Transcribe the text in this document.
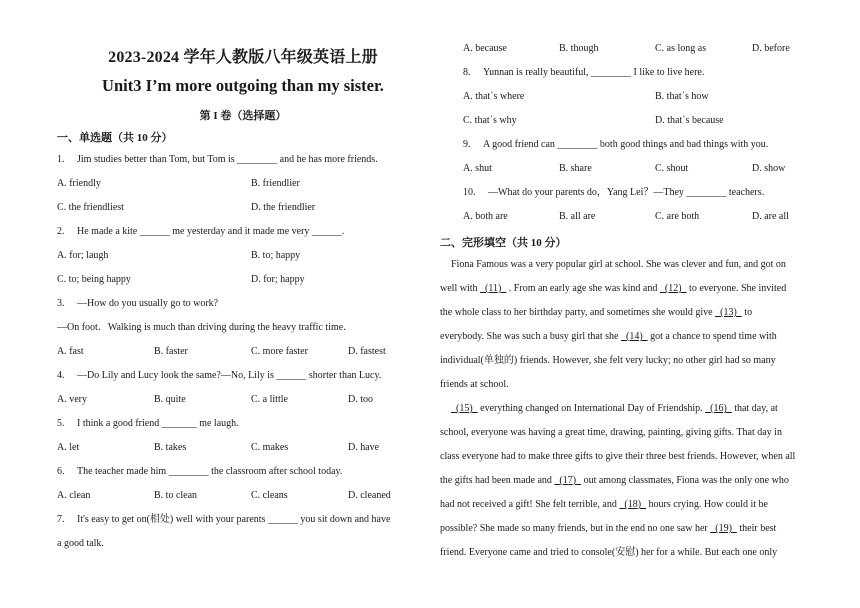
2023-2024 学年人教版八年级英语上册
Unit3 I’m more outgoing than my sister.
第 I 卷（选择题）
一、单选题（共 10 分）
1. Jim studies better than Tom, but Tom is ________ and he has more friends.
A. friendly	B. friendlier
C. the friendliest	D. the friendlier
2. He made a kite ______ me yesterday and it made me very ______.
A. for; laugh	B. to; happy
C. to; being happy	D. for; happy
3. —How do you usually go to work?
—On foot．Walking is much than driving during the heavy traffic time．
A. fast	B. faster	C. more faster	D. fastest
4. —Do Lily and Lucy look the same?—No, Lily is ______ shorter than Lucy.
A. very	B. quite	C. a little	D. too
5. I think a good friend _______ me laugh.
A. let	B. takes	C. makes	D. have
6. The teacher made him ________ the classroom after school today.
A. clean	B. to clean	C. cleans	D. cleaned
7. It's easy to get on(相处) well with your parents ______ you sit down and have
a good talk.
A. because	B. though	C. as long as	D. before
8. Yunnan is really beautiful, ________ I like to live here.
A. that᾽s where	B. that᾽s how
C. that᾽s why	D. that᾽s because
9. A good friend can ________ both good things and bad things with you.
A. shut	B. share	C. shout	D. show
10. —What do your parents do，Yang Lei？—They ________ teachers．
A. both are	B. all are	C. are both	D. are all
二、完形填空（共 10 分）
Fiona Famous was a very popular girl at school. She was clever and fun, and got on
well with   (11)   . From an early age she was kind and   (12)   to everyone. She invited
the whole class to her birthday party, and sometimes she would give   (13)   to
everybody. She was such a busy girl that she   (14)   got a chance to spend time with
individual(单独的) friends. However, she felt very lucky; no other girl had so many
friends at school.
(15)   everything changed on International Day of Friendship.   (16)   that day, at
school, everyone was having a great time, drawing, painting, giving gifts. That day in
class everyone had to make three gifts to give their three best friends. However, when all
the gifts had been made and   (17)   out among classmates, Fiona was the only one who
had not received a gift! She felt terrible, and   (18)   hours crying. How could it be
possible? She made so many friends, but in the end no one saw her   (19)   their best
friend. Everyone came and tried to console(安慰) her for a while. But each one only
